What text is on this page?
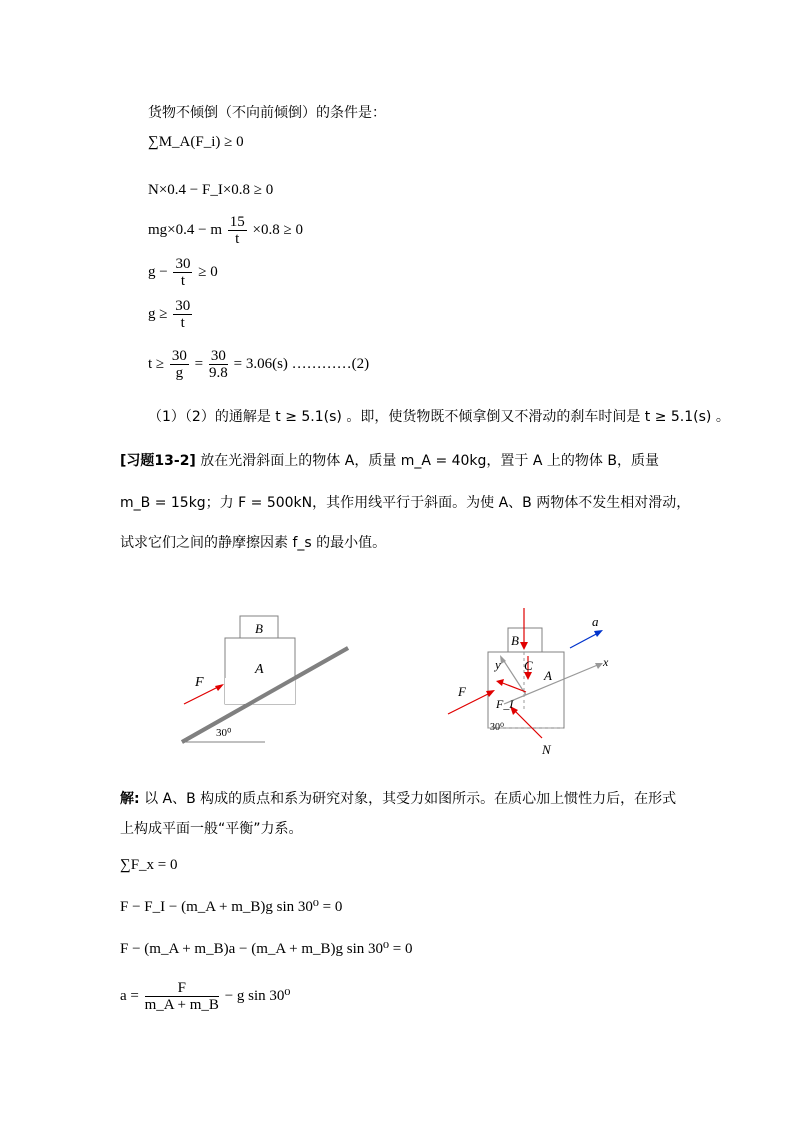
货物不倾倒（不向前倾倒）的条件是：
∑M_A(F_i) ≥ 0
N×0.4 − F_I×0.8 ≥ 0
mg×0.4 − m $\frac{15}{t} \times 0.8 \ge 0$
$g - \frac{30}{t} \ge 0$
$g \ge \frac{30}{t}$
$t \ge \frac{30}{g} = \frac{30}{9.8} = 3.06(s)$ …………(2)
（1）（2）的通解是 t ≥ 5.1(s) 。即，使货物既不倾拿倒又不滑动的刹车时间是 t ≥ 5.1(s) 。
[习题13-2] 放在光滑斜面上的物体 A，质量 m_A = 40kg，置于 A 上的物体 B，质量
m_B = 15kg；力 F = 500kN，其作用线平行于斜面。为使 A、B 两物体不发生相对滑动，
试求它们之间的静摩擦因素 f_s 的最小值。
B
A
F
30⁰
a
B
y C
A
x
F
F_I
30⁰
N
解: 以 A、B 构成的质点和系为研究对象，其受力如图所示。在质心加上惯性力后，在形式
上构成平面一般“平衡”力系。
∑F_x = 0
F − F_I − (m_A + m_B)g sin 30⁰ = 0
F − (m_A + m_B)a − (m_A + m_B)g sin 30⁰ = 0
$a = \frac{F}{m\_A + m\_B} - g$ sin 30⁰
